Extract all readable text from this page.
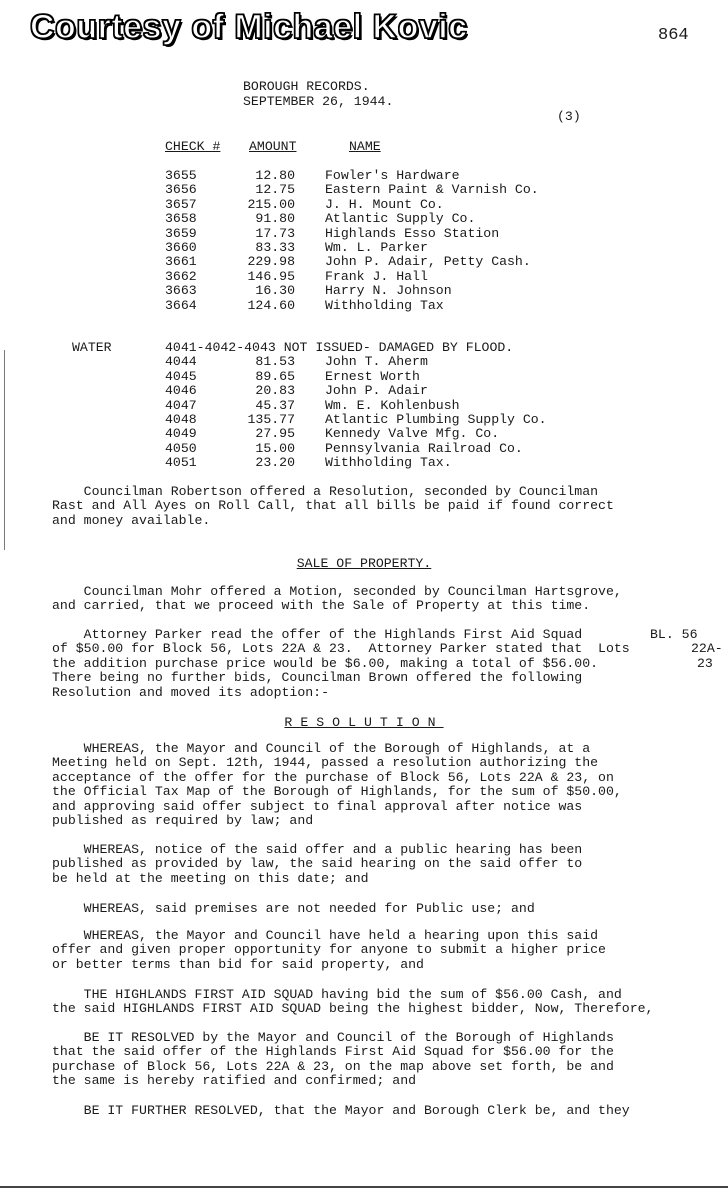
Courtesy of Michael Kovic	864
BOROUGH RECORDS.
SEPTEMBER 26, 1944.
(3)
CHECK # AMOUNT	NAME
3655	12.80 Fowler's Hardware
3656	12.75 Eastern Paint & Varnish Co.
3657	215.00 J. H. Mount Co.
3658	91.80 Atlantic Supply Co.
3659	17.73 Highlands Esso Station
3660	83.33 Wm. L. Parker
3661	229.98 John P. Adair, Petty Cash.
3662	146.95 Frank J. Hall
3663	16.30 Harry N. Johnson
3664	124.60 Withholding Tax
WATER	4041-4042-4043 NOT ISSUED- DAMAGED BY FLOOD.
4044	81.53 John T. Aherm
4045	89.65 Ernest Worth
4046	20.83 John P. Adair
4047	45.37 Wm. E. Kohlenbush
4048	135.77 Atlantic Plumbing Supply Co.
4049	27.95 Kennedy Valve Mfg. Co.
4050	15.00 Pennsylvania Railroad Co.
4051	23.20 Withholding Tax.
Councilman Robertson offered a Resolution, seconded by Councilman
Rast and All Ayes on Roll Call, that all bills be paid if found correct
and money available.
SALE OF PROPERTY.
Councilman Mohr offered a Motion, seconded by Councilman Hartsgrove,
and carried, that we proceed with the Sale of Property at this time.
Attorney Parker read the offer of the Highlands First Aid Squad
of $50.00 for Block 56, Lots 22A & 23.  Attorney Parker stated that  Lots
the addition purchase price would be $6.00, making a total of $56.00.
There being no further bids, Councilman Brown offered the following
Resolution and moved its adoption:-
BL. 56
22A-
23
RESOLUTION
WHEREAS, the Mayor and Council of the Borough of Highlands, at a
Meeting held on Sept. 12th, 1944, passed a resolution authorizing the
acceptance of the offer for the purchase of Block 56, Lots 22A & 23, on
the Official Tax Map of the Borough of Highlands, for the sum of $50.00,
and approving said offer subject to final approval after notice was
published as required by law; and
WHEREAS, notice of the said offer and a public hearing has been
published as provided by law, the said hearing on the said offer to
be held at the meeting on this date; and
WHEREAS, said premises are not needed for Public use; and
WHEREAS, the Mayor and Council have held a hearing upon this said
offer and given proper opportunity for anyone to submit a higher price
or better terms than bid for said property, and
THE HIGHLANDS FIRST AID SQUAD having bid the sum of $56.00 Cash, and
the said HIGHLANDS FIRST AID SQUAD being the highest bidder, Now, Therefore,
BE IT RESOLVED by the Mayor and Council of the Borough of Highlands
that the said offer of the Highlands First Aid Squad for $56.00 for the
purchase of Block 56, Lots 22A & 23, on the map above set forth, be and
the same is hereby ratified and confirmed; and
BE IT FURTHER RESOLVED, that the Mayor and Borough Clerk be, and they
